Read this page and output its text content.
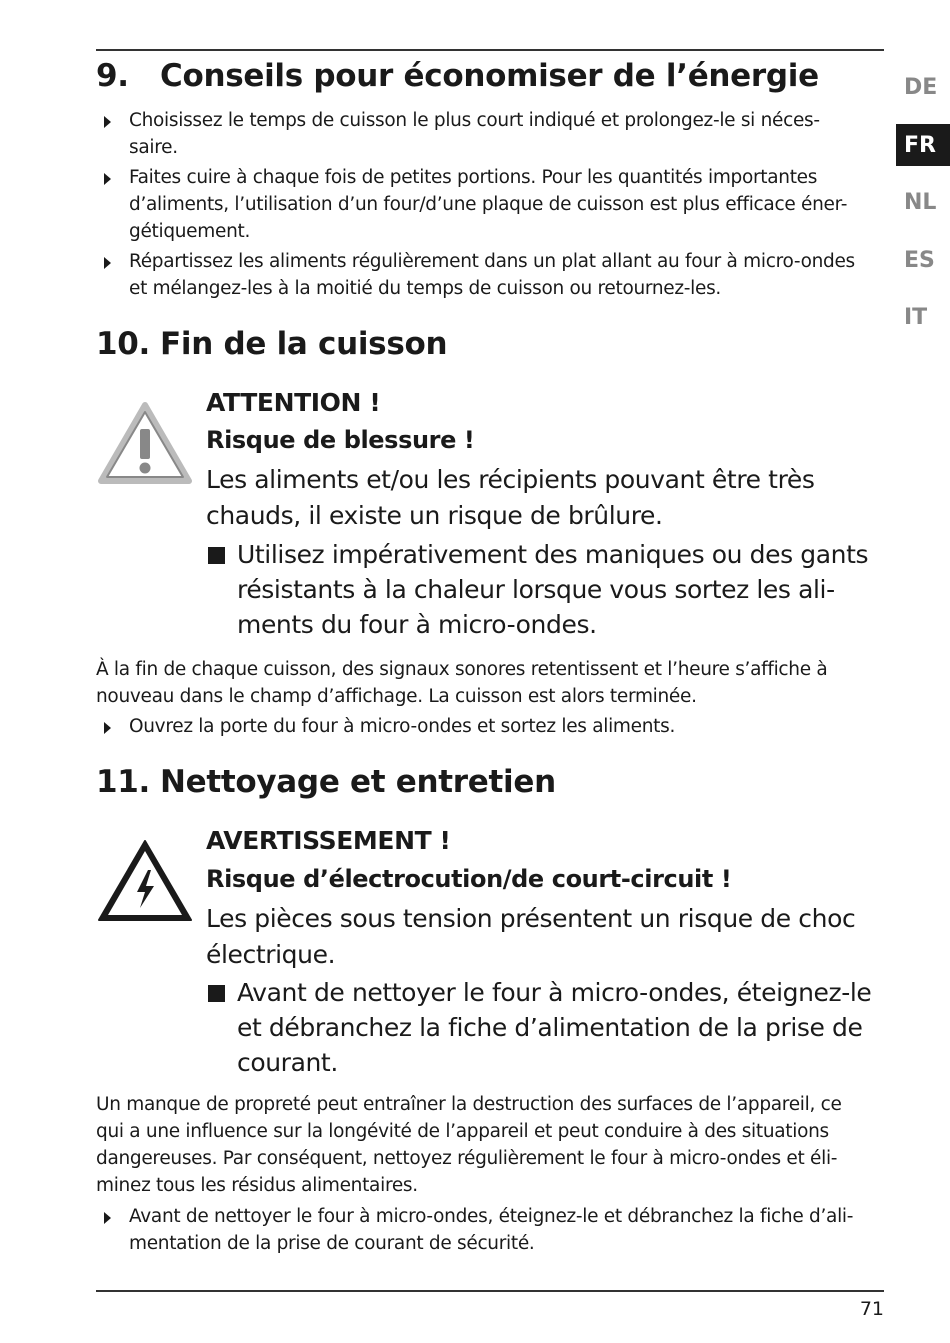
DE
FR
NL
ES
IT
9. Conseils pour économiser de l’énergie
Choisissez le temps de cuisson le plus court indiqué et prolongez-le si néces-
saire.
Faites cuire à chaque fois de petites portions. Pour les quantités importantes
d’aliments, l’utilisation d’un four/d’une plaque de cuisson est plus efficace éner-
gétiquement.
Répartissez les aliments régulièrement dans un plat allant au four à micro-ondes
et mélangez-les à la moitié du temps de cuisson ou retournez-les.
10. Fin de la cuisson
ATTENTION !
Risque de blessure !
Les aliments et/ou les récipients pouvant être très
chauds, il existe un risque de brûlure.
Utilisez impérativement des maniques ou des gants
résistants à la chaleur lorsque vous sortez les ali-
ments du four à micro-ondes.
À la fin de chaque cuisson, des signaux sonores retentissent et l’heure s’affiche à
nouveau dans le champ d’affichage. La cuisson est alors terminée.
Ouvrez la porte du four à micro-ondes et sortez les aliments.
11. Nettoyage et entretien
AVERTISSEMENT !
Risque d’électrocution/de court-circuit !
Les pièces sous tension présentent un risque de choc
électrique.
Avant de nettoyer le four à micro-ondes, éteignez-le
et débranchez la fiche d’alimentation de la prise de
courant.
Un manque de propreté peut entraîner la destruction des surfaces de l’appareil, ce
qui a une influence sur la longévité de l’appareil et peut conduire à des situations
dangereuses. Par conséquent, nettoyez régulièrement le four à micro-ondes et éli-
minez tous les résidus alimentaires.
Avant de nettoyer le four à micro-ondes, éteignez-le et débranchez la fiche d’ali-
mentation de la prise de courant de sécurité.
71
